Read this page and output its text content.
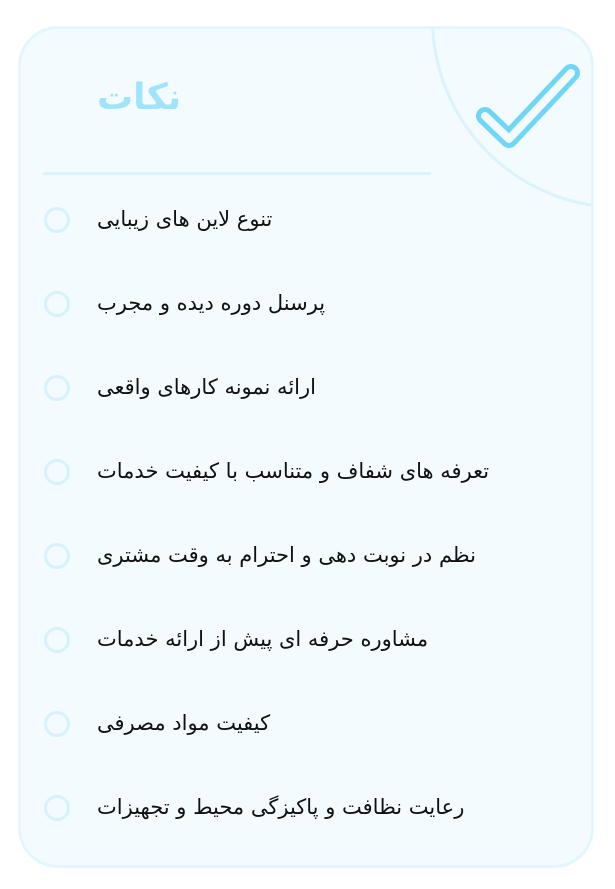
نکات
تنوع لاین های زیبایی
پرسنل دوره دیده و مجرب
ارائه نمونه کارهای واقعی
تعرفه های شفاف و متناسب با کیفیت خدمات
نظم در نوبت دهی و احترام به وقت مشتری
مشاوره حرفه ای پیش از ارائه خدمات
کیفیت مواد مصرفی
رعایت نظافت و پاکیزگی محیط و تجهیزات
